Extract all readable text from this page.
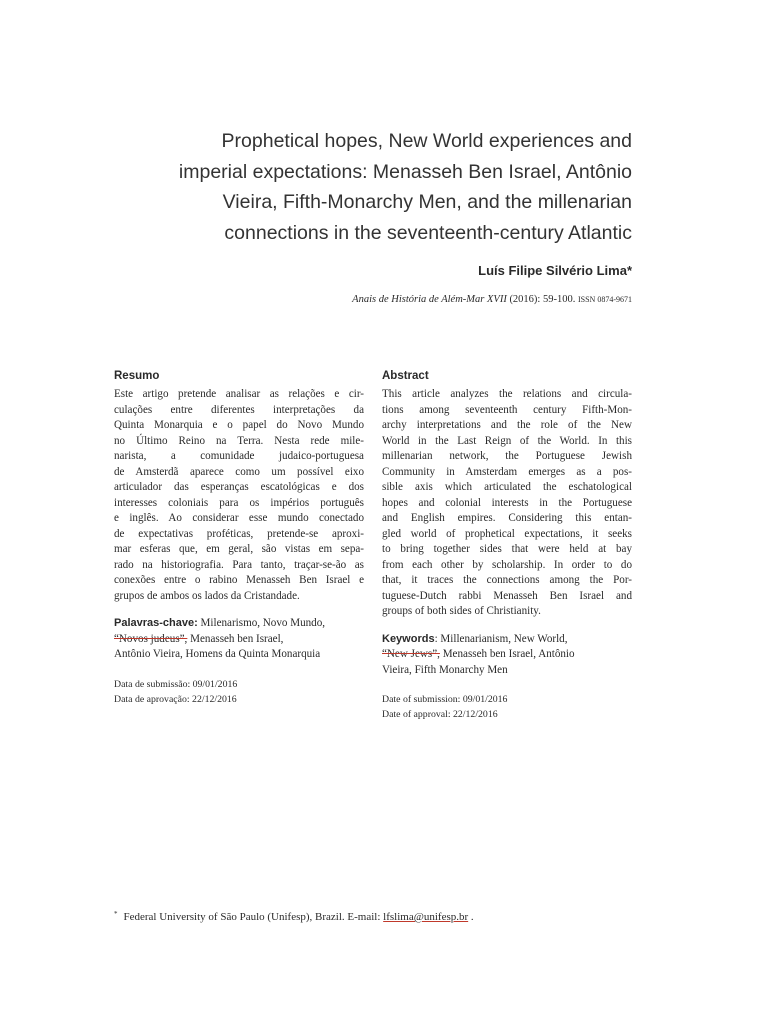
Prophetical hopes, New World experiences and
imperial expectations: Menasseh Ben Israel, Antônio
Vieira, Fifth-Monarchy Men, and the millenarian
connections in the seventeenth-century Atlantic
Luís Filipe Silvério Lima*
Anais de História de Além-Mar XVII (2016): 59-100. ISSN 0874-9671
Resumo
Este artigo pretende analisar as relações e cir-
culações entre diferentes interpretações da
Quinta Monarquia e o papel do Novo Mundo
no Último Reino na Terra. Nesta rede mile-
narista, a comunidade judaico-portuguesa
de Amsterdã aparece como um possível eixo
articulador das esperanças escatológicas e dos
interesses coloniais para os impérios português
e inglês. Ao considerar esse mundo conectado
de expectativas proféticas, pretende-se aproxi-
mar esferas que, em geral, são vistas em sepa-
rado na historiografia. Para tanto, traçar-se-ão as
conexões entre o rabino Menasseh Ben Israel e
grupos de ambos os lados da Cristandade.
Palavras-chave: Milenarismo, Novo Mundo,
“Novos judeus”, Menasseh ben Israel,
Antônio Vieira, Homens da Quinta Monarquia
Data de submissão: 09/01/2016
Data de aprovação: 22/12/2016
Abstract
This article analyzes the relations and circula-
tions among seventeenth century Fifth-Mon-
archy interpretations and the role of the New
World in the Last Reign of the World. In this
millenarian network, the Portuguese Jewish
Community in Amsterdam emerges as a pos-
sible axis which articulated the eschatological
hopes and colonial interests in the Portuguese
and English empires. Considering this entan-
gled world of prophetical expectations, it seeks
to bring together sides that were held at bay
from each other by scholarship. In order to do
that, it traces the connections among the Por-
tuguese-Dutch rabbi Menasseh Ben Israel and
groups of both sides of Christianity.
Keywords: Millenarianism, New World,
“New Jews”, Menasseh ben Israel, Antônio
Vieira, Fifth Monarchy Men
Date of submission: 09/01/2016
Date of approval: 22/12/2016
* Federal University of São Paulo (Unifesp), Brazil. E-mail: lfslima@unifesp.br .
